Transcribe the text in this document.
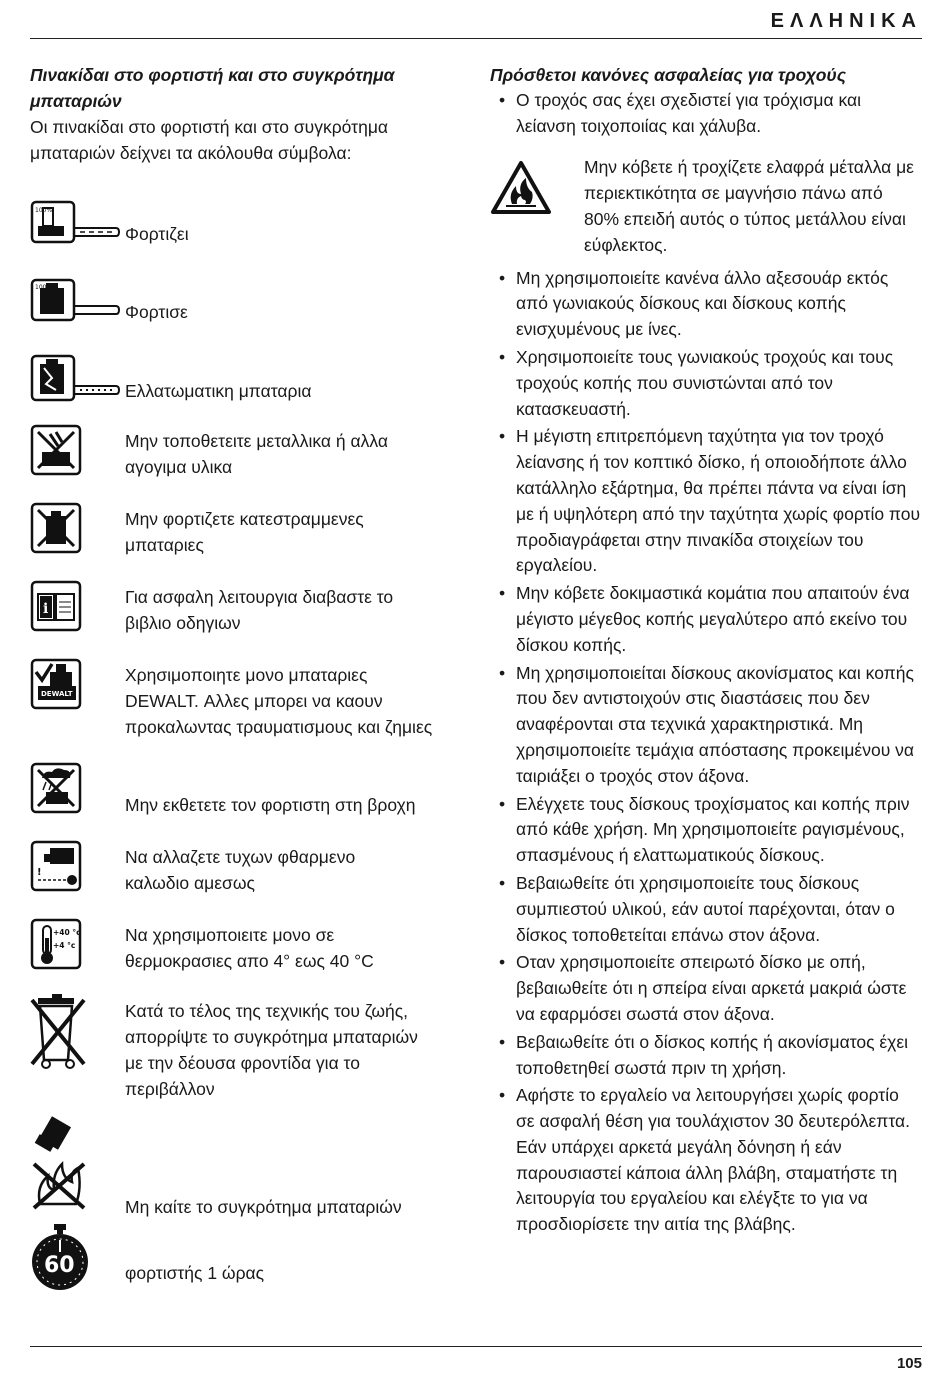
ΕΛΛΗΝΙΚΑ
Πινακίδαι στο φορτιστή και στο συγκρότημα μπαταριών
Οι πινακίδαι στο φορτιστή και στο συγκρότημα μπαταριών δείχνει τα ακόλουθα σύμβολα:
100%
Φορτιζει
100%
Φορτισε
Ελλατωματικη μπαταρια
Μην τοποθετειτε μεταλλικα ή αλλα
αγογιμα υλικα
Μην φορτιζετε κατεστραμμενες
μπαταριες
i
Για ασφαλη λειτουργια διαβαστε το
βιβλιο οδηγιων
DEWALT
Χρησιμοποιητε μονο μπαταριες
DEWALT. Αλλες μπορει να καουν
προκαλωντας τραυματισμους και ζημιες
Μην εκθετετε τον φορτιστη στη βροχη
!
Να αλλαζετε τυχων φθαρμενο
καλωδιο αμεσως
+40 °c
+4 °c
Να χρησιμοποιειτε μονο σε
θερμοκρασιες απο 4° εως 40 °C
Κατά το τέλος της τεχνικής του ζωής,
απορρίψτε το συγκρότημα μπαταριών
με την δέουσα φροντίδα για το
περιβάλλον
Μη καίτε το συγκρότημα μπαταριών
60	φορτιστής 1 ώρας
Πρόσθετοι κανόνες ασφαλείας για τροχούς
• Ο τροχός σας έχει σχεδιστεί για τρόχισμα και λείανση τοιχοποιίας και χάλυβα.
Μην κόβετε ή τροχίζετε ελαφρά μέταλλα με περιεκτικότητα σε μαγνήσιο πάνω από 80% επειδή αυτός ο τύπος μετάλλου είναι εύφλεκτος.
• Μη χρησιμοποιείτε κανένα άλλο αξεσουάρ εκτός από γωνιακούς δίσκους και δίσκους κοπής ενισχυμένους με ίνες.
• Χρησιμοποιείτε τους γωνιακούς τροχούς και τους τροχούς κοπής που συνιστώνται από τον κατασκευαστή.
• Η μέγιστη επιτρεπόμενη ταχύτητα για τον τροχό λείανσης ή τον κοπτικό δίσκο, ή οποιοδήποτε άλλο κατάλληλο εξάρτημα, θα πρέπει πάντα να είναι ίση με ή υψηλότερη από την ταχύτητα χωρίς φορτίο που προδιαγράφεται στην πινακίδα στοιχείων του εργαλείου.
• Μην κόβετε δοκιμαστικά κομάτια που απαιτούν ένα μέγιστο μέγεθος κοπής μεγαλύτερο από εκείνο του δίσκου κοπής.
• Μη χρησιμοποιείται δίσκους ακονίσματος και κοπής που δεν αντιστοιχούν στις διαστάσεις που δεν αναφέρονται στα τεχνικά χαρακτηριστικά. Μη χρησιμοποιείτε τεμάχια απόστασης προκειμένου να ταιριάξει ο τροχός στον άξονα.
• Ελέγχετε τους δίσκους τροχίσματος και κοπής πριν από κάθε χρήση. Μη χρησιμοποιείτε ραγισμένους, σπασμένους ή ελαττωματικούς δίσκους.
• Βεβαιωθείτε ότι χρησιμοποιείτε τους δίσκους συμπιεστού υλικού, εάν αυτοί παρέχονται, όταν ο δίσκος τοποθετείται επάνω στον άξονα.
• Οταν χρησιμοποιείτε σπειρωτό δίσκο με οπή, βεβαιωθείτε ότι η σπείρα είναι αρκετά μακριά ώστε να εφαρμόσει σωστά στον άξονα.
• Βεβαιωθείτε ότι ο δίσκος κοπής ή ακονίσματος έχει τοποθετηθεί σωστά πριν τη χρήση.
• Αφήστε το εργαλείο να λειτουργήσει χωρίς φορτίο σε ασφαλή θέση για τουλάχιστον 30 δευτερόλεπτα. Εάν υπάρχει αρκετά μεγάλη δόνηση ή εάν παρουσιαστεί κάποια άλλη βλάβη, σταματήστε τη λειτουργία του εργαλείου και ελέγξτε το για να προσδιορίσετε την αιτία της βλάβης.
105
